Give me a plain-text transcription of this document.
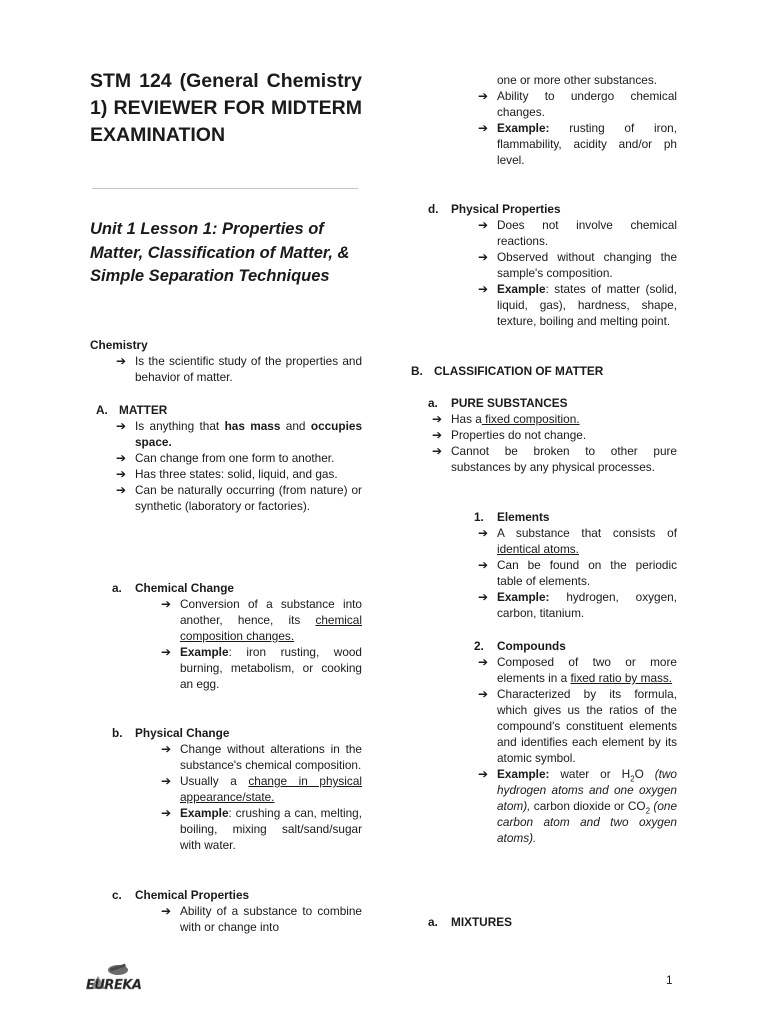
STM 124 (General Chemistry 1) REVIEWER FOR MIDTERM EXAMINATION
Unit 1 Lesson 1: Properties of Matter, Classification of Matter, & Simple Separation Techniques
Chemistry
➔ Is the scientific study of the properties and behavior of matter.
A. MATTER
➔ Is anything that has mass and occupies space.
➔ Can change from one form to another.
➔ Has three states: solid, liquid, and gas.
➔ Can be naturally occurring (from nature) or synthetic (laboratory or factories).
a. Chemical Change
➔ Conversion of a substance into another, hence, its chemical composition changes.
➔ Example: iron rusting, wood burning, metabolism, or cooking an egg.
b. Physical Change
➔ Change without alterations in the substance's chemical composition.
➔ Usually a change in physical appearance/state.
➔ Example: crushing a can, melting, boiling, mixing salt/sand/sugar with water.
c. Chemical Properties
➔ Ability of a substance to combine with or change into
one or more other substances.
➔ Ability to undergo chemical changes.
➔ Example: rusting of iron, flammability, acidity and/or ph level.
d. Physical Properties
➔ Does not involve chemical reactions.
➔ Observed without changing the sample's composition.
➔ Example: states of matter (solid, liquid, gas), hardness, shape, texture, boiling and melting point.
B. CLASSIFICATION OF MATTER
a. PURE SUBSTANCES
➔ Has a fixed composition.
➔ Properties do not change.
➔ Cannot be broken to other pure substances by any physical processes.
1. Elements
➔ A substance that consists of identical atoms.
➔ Can be found on the periodic table of elements.
➔ Example: hydrogen, oxygen, carbon, titanium.
2. Compounds
➔ Composed of two or more elements in a fixed ratio by mass.
➔ Characterized by its formula, which gives us the ratios of the compound's constituent elements and identifies each element by its atomic symbol.
➔ Example: water or $H_2O$ (two hydrogen atoms and one oxygen atom), carbon dioxide or $CO_2$ (one carbon atom and two oxygen atoms).
a. MIXTURES
EUREKA	1
